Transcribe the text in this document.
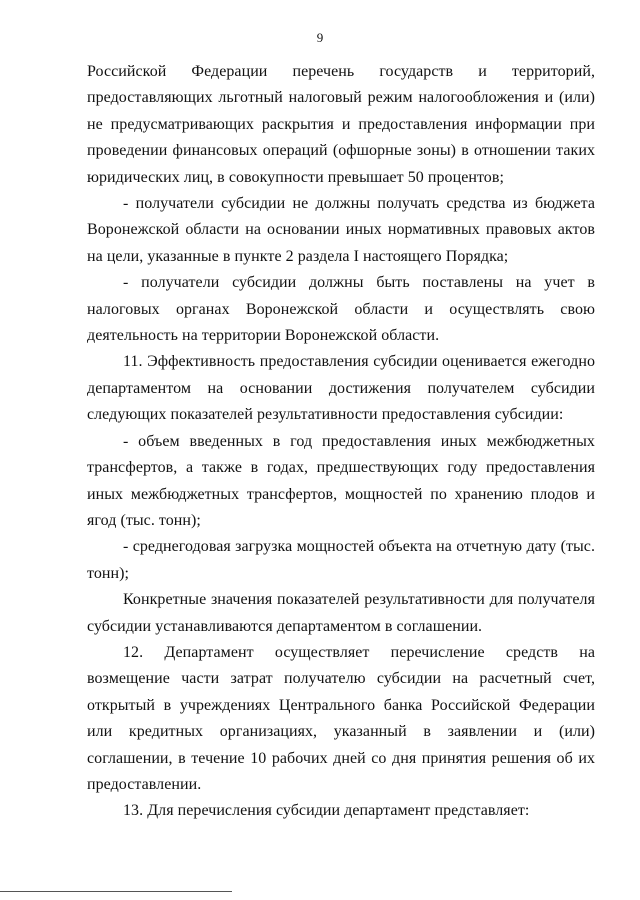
9

Российской Федерации перечень государств и территорий, предоставляющих льготный налоговый режим налогообложения и (или) не предусматривающих раскрытия и предоставления информации при проведении финансовых операций (офшорные зоны) в отношении таких юридических лиц, в совокупности превышает 50 процентов;

- получатели субсидии не должны получать средства из бюджета Воронежской области на основании иных нормативных правовых актов на цели, указанные в пункте 2 раздела I настоящего Порядка;

- получатели субсидии должны быть поставлены на учет в налоговых органах Воронежской области и осуществлять свою деятельность на территории Воронежской области.

11. Эффективность предоставления субсидии оценивается ежегодно департаментом на основании достижения получателем субсидии следующих показателей результативности предоставления субсидии:

- объем введенных в год предоставления иных межбюджетных трансфертов, а также в годах, предшествующих году предоставления иных межбюджетных трансфертов, мощностей по хранению плодов и ягод (тыс. тонн);

- среднегодовая загрузка мощностей объекта на отчетную дату (тыс. тонн);

Конкретные значения показателей результативности для получателя субсидии устанавливаются департаментом в соглашении.

12. Департамент осуществляет перечисление средств на возмещение части затрат получателю субсидии на расчетный счет, открытый в учреждениях Центрального банка Российской Федерации или кредитных организациях, указанный в заявлении и (или) соглашении, в течение 10 рабочих дней со дня принятия решения об их предоставлении.

13. Для перечисления субсидии департамент представляет:
